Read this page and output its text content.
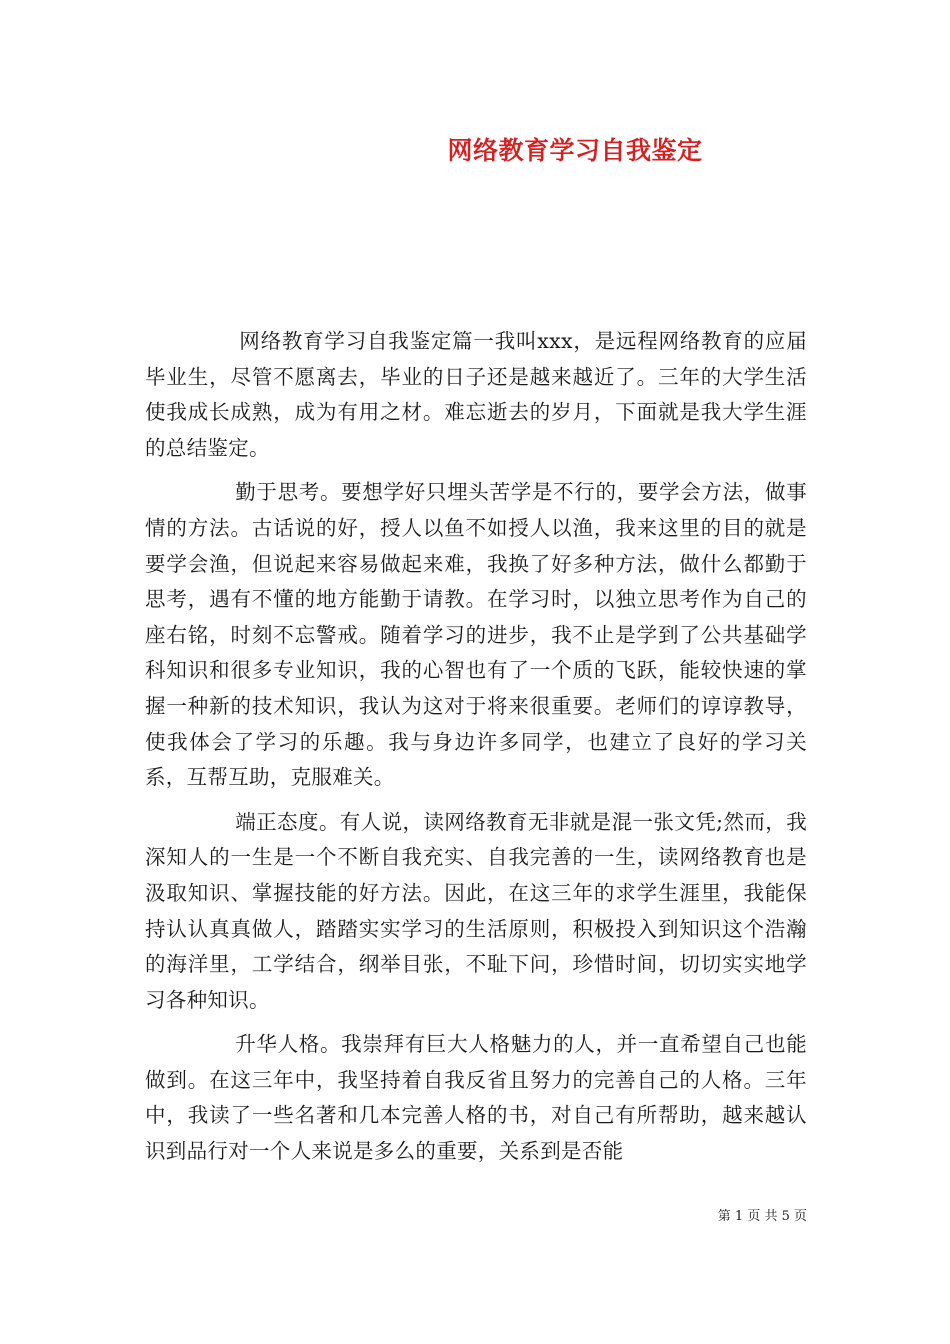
网络教育学习自我鉴定

网络教育学习自我鉴定篇一我叫xxx，是远程网络教育的应届毕业生，尽管不愿离去，毕业的日子还是越来越近了。三年的大学生活使我成长成熟，成为有用之材。难忘逝去的岁月，下面就是我大学生涯的总结鉴定。

勤于思考。要想学好只埋头苦学是不行的，要学会方法，做事情的方法。古话说的好，授人以鱼不如授人以渔，我来这里的目的就是要学会渔，但说起来容易做起来难，我换了好多种方法，做什么都勤于思考，遇有不懂的地方能勤于请教。在学习时，以独立思考作为自己的座右铭，时刻不忘警戒。随着学习的进步，我不止是学到了公共基础学科知识和很多专业知识，我的心智也有了一个质的飞跃，能较快速的掌握一种新的技术知识，我认为这对于将来很重要。老师们的谆谆教导，使我体会了学习的乐趣。我与身边许多同学，也建立了良好的学习关系，互帮互助，克服难关。

端正态度。有人说，读网络教育无非就是混一张文凭;然而，我深知人的一生是一个不断自我充实、自我完善的一生，读网络教育也是汲取知识、掌握技能的好方法。因此，在这三年的求学生涯里，我能保持认认真真做人，踏踏实实学习的生活原则，积极投入到知识这个浩瀚的海洋里，工学结合，纲举目张，不耻下问，珍惜时间，切切实实地学习各种知识。

升华人格。我崇拜有巨大人格魅力的人，并一直希望自己也能做到。在这三年中，我坚持着自我反省且努力的完善自己的人格。三年中，我读了一些名著和几本完善人格的书，对自己有所帮助，越来越认识到品行对一个人来说是多么的重要，关系到是否能

第 1 页 共 5 页
